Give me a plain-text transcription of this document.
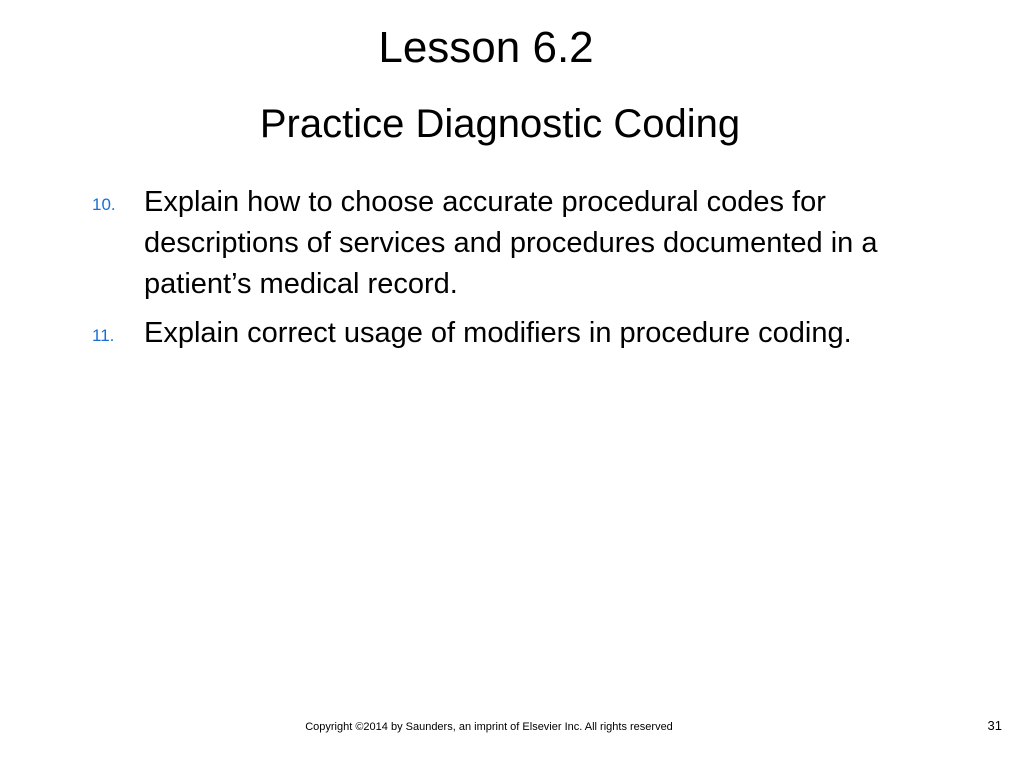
Lesson 6.2
Practice Diagnostic Coding
10. Explain how to choose accurate procedural codes for descriptions of services and procedures documented in a patient’s medical record.
11. Explain correct usage of modifiers in procedure coding.
Copyright ©2014 by Saunders, an imprint of Elsevier Inc. All rights reserved	31
